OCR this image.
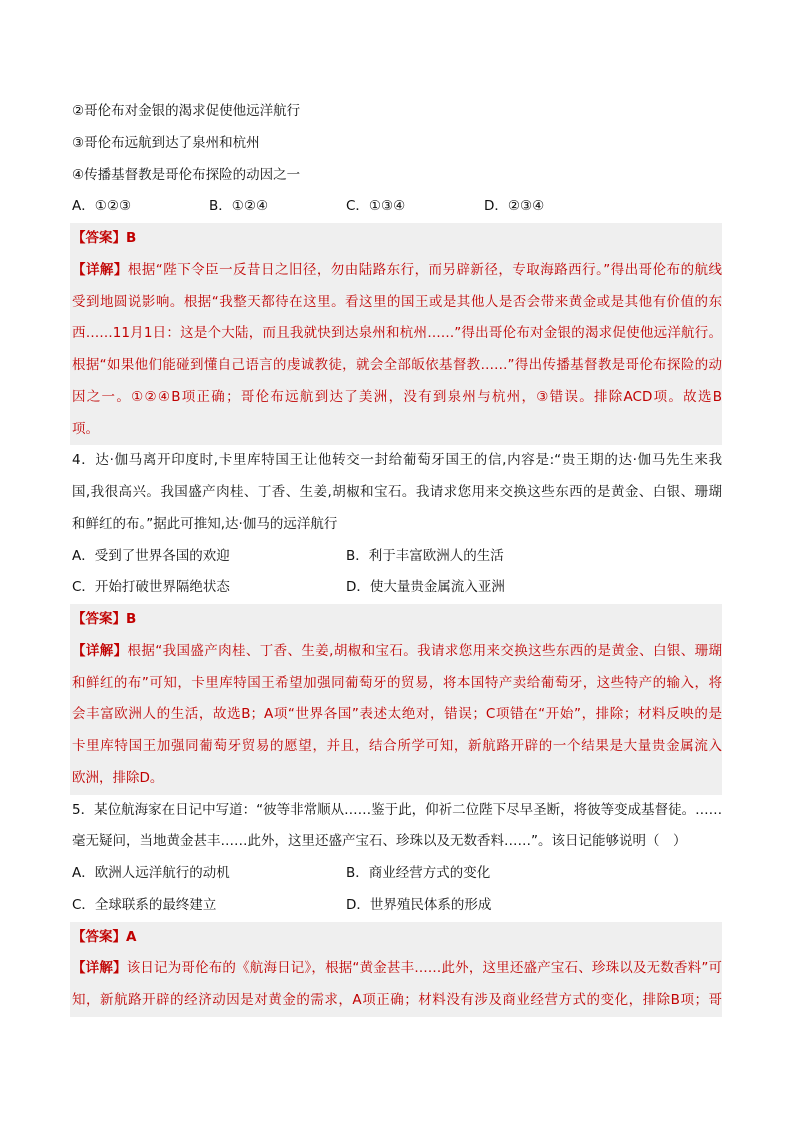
②哥伦布对金银的渴求促使他远洋航行
③哥伦布远航到达了泉州和杭州
④传播基督教是哥伦布探险的动因之一
A．①②③	B．①②④	C．①③④	D．②③④
【答案】B
【详解】根据“陛下令臣一反昔日之旧径，勿由陆路东行，而另辟新径，专取海路西行。”得出哥伦布的航线
受到地圆说影响。根据“我整天都待在这里。看这里的国王或是其他人是否会带来黄金或是其他有价值的东
西……11月1日：这是个大陆，而且我就快到达泉州和杭州……”得出哥伦布对金银的渴求促使他远洋航行。
根据“如果他们能碰到懂自己语言的虔诚教徒，就会全部皈依基督教……”得出传播基督教是哥伦布探险的动
因之一。①②④B项正确；哥伦布远航到达了美洲，没有到泉州与杭州，③错误。排除ACD项。故选B
项。
4．达·伽马离开印度时,卡里库特国王让他转交一封给葡萄牙国王的信,内容是:“贵王期的达·伽马先生来我
国,我很高兴。我国盛产肉桂、丁香、生姜,胡椒和宝石。我请求您用来交换这些东西的是黄金、白银、珊瑚
和鲜红的布。”据此可推知,达·伽马的远洋航行
A．受到了世界各国的欢迎	B．利于丰富欧洲人的生活
C．开始打破世界隔绝状态	D．使大量贵金属流入亚洲
【答案】B
【详解】根据“我国盛产肉桂、丁香、生姜,胡椒和宝石。我请求您用来交换这些东西的是黄金、白银、珊瑚
和鲜红的布”可知，卡里库特国王希望加强同葡萄牙的贸易，将本国特产卖给葡萄牙，这些特产的输入，将
会丰富欧洲人的生活，故选B；A项“世界各国”表述太绝对，错误；C项错在“开始”，排除；材料反映的是
卡里库特国王加强同葡萄牙贸易的愿望，并且，结合所学可知，新航路开辟的一个结果是大量贵金属流入
欧洲，排除D。
5．某位航海家在日记中写道：“彼等非常顺从……鉴于此，仰祈二位陛下尽早圣断，将彼等变成基督徒。……
毫无疑问，当地黄金甚丰……此外，这里还盛产宝石、珍珠以及无数香料……”。该日记能够说明（　）
A．欧洲人远洋航行的动机	B．商业经营方式的变化
C．全球联系的最终建立	D．世界殖民体系的形成
【答案】A
【详解】该日记为哥伦布的《航海日记》，根据“黄金甚丰……此外，这里还盛产宝石、珍珠以及无数香料”可
知，新航路开辟的经济动因是对黄金的需求，A项正确；材料没有涉及商业经营方式的变化，排除B项；哥
